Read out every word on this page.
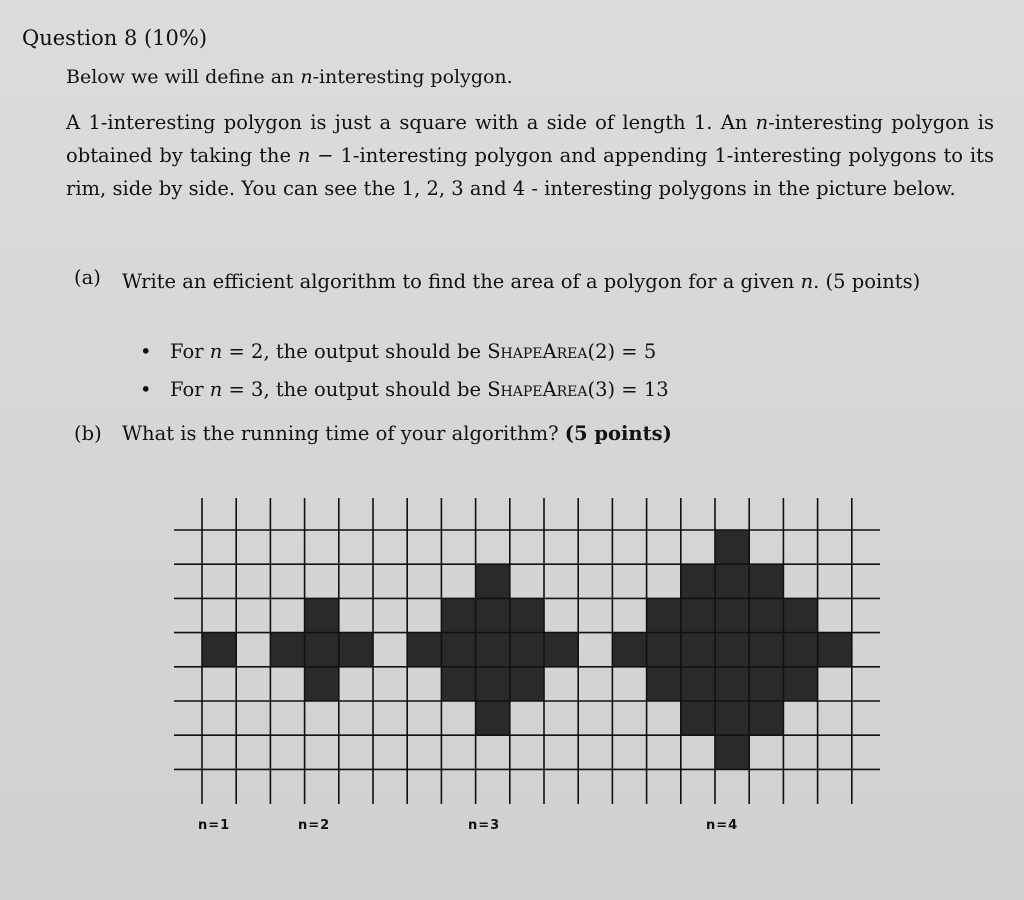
Question 8 (10%)
Below we will define an n-interesting polygon.
A 1-interesting polygon is just a square with a side of length 1. An n-interesting polygon is obtained by taking the n − 1-interesting polygon and appending 1-interesting polygons to its rim, side by side. You can see the 1, 2, 3 and 4 - interesting polygons in the picture below.
(a) Write an efficient algorithm to find the area of a polygon for a given n. (5 points)
• For n = 2, the output should be ShapeArea(2) = 5
• For n = 3, the output should be ShapeArea(3) = 13
(b) What is the running time of your algorithm? (5 points)
n=1	n=2	n=3	n=4
